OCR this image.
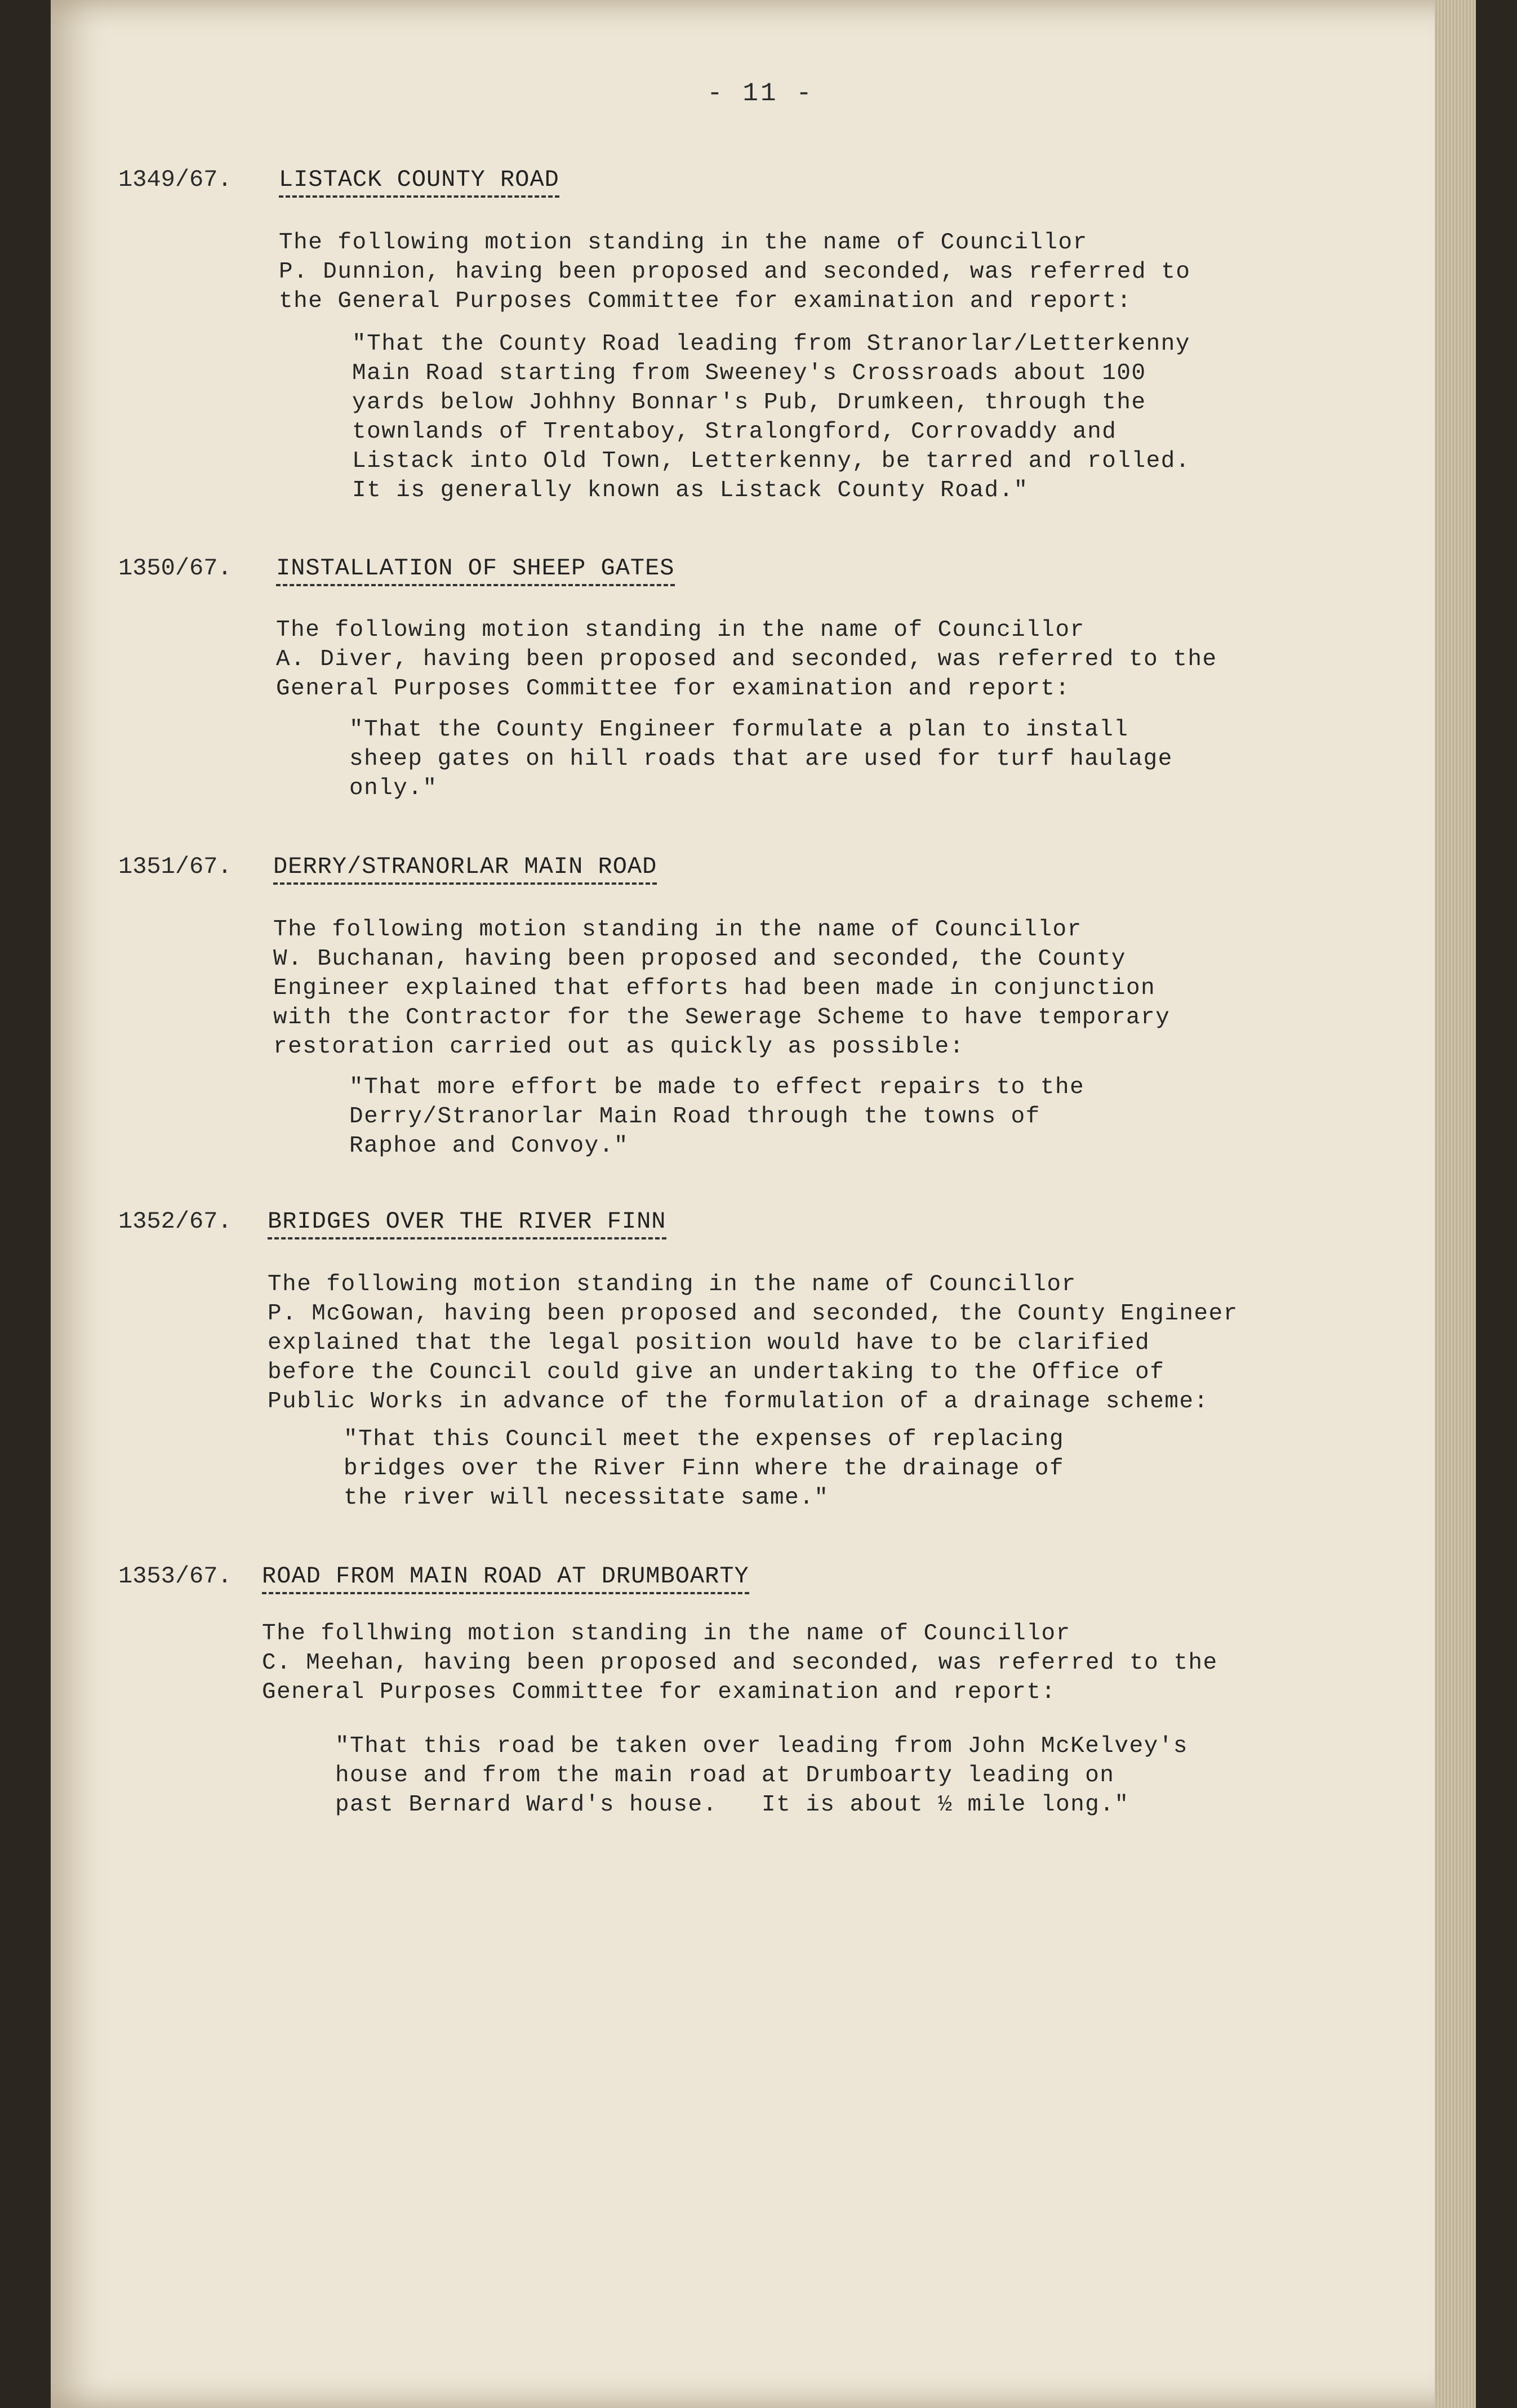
- 11 -
1349/67. LISTACK COUNTY ROAD
The following motion standing in the name of Councillor
P. Dunnion, having been proposed and seconded, was referred to
the General Purposes Committee for examination and report:
"That the County Road leading from Stranorlar/Letterkenny
Main Road starting from Sweeney's Crossroads about 100
yards below Johhny Bonnar's Pub, Drumkeen, through the
townlands of Trentaboy, Stralongford, Corrovaddy and
Listack into Old Town, Letterkenny, be tarred and rolled.
It is generally known as Listack County Road."
1350/67. INSTALLATION OF SHEEP GATES
The following motion standing in the name of Councillor
A. Diver, having been proposed and seconded, was referred to the
General Purposes Committee for examination and report:
"That the County Engineer formulate a plan to install
sheep gates on hill roads that are used for turf haulage
only."
1351/67. DERRY/STRANORLAR MAIN ROAD
The following motion standing in the name of Councillor
W. Buchanan, having been proposed and seconded, the County
Engineer explained that efforts had been made in conjunction
with the Contractor for the Sewerage Scheme to have temporary
restoration carried out as quickly as possible:
"That more effort be made to effect repairs to the
Derry/Stranorlar Main Road through the towns of
Raphoe and Convoy."
1352/67. BRIDGES OVER THE RIVER FINN
The following motion standing in the name of Councillor
P. McGowan, having been proposed and seconded, the County Engineer
explained that the legal position would have to be clarified
before the Council could give an undertaking to the Office of
Public Works in advance of the formulation of a drainage scheme:
"That this Council meet the expenses of replacing
bridges over the River Finn where the drainage of
the river will necessitate same."
1353/67. ROAD FROM MAIN ROAD AT DRUMBOARTY
The follhwing motion standing in the name of Councillor
C. Meehan, having been proposed and seconded, was referred to the
General Purposes Committee for examination and report:
"That this road be taken over leading from John McKelvey's
house and from the main road at Drumboarty leading on
past Bernard Ward's house.   It is about ½ mile long."
